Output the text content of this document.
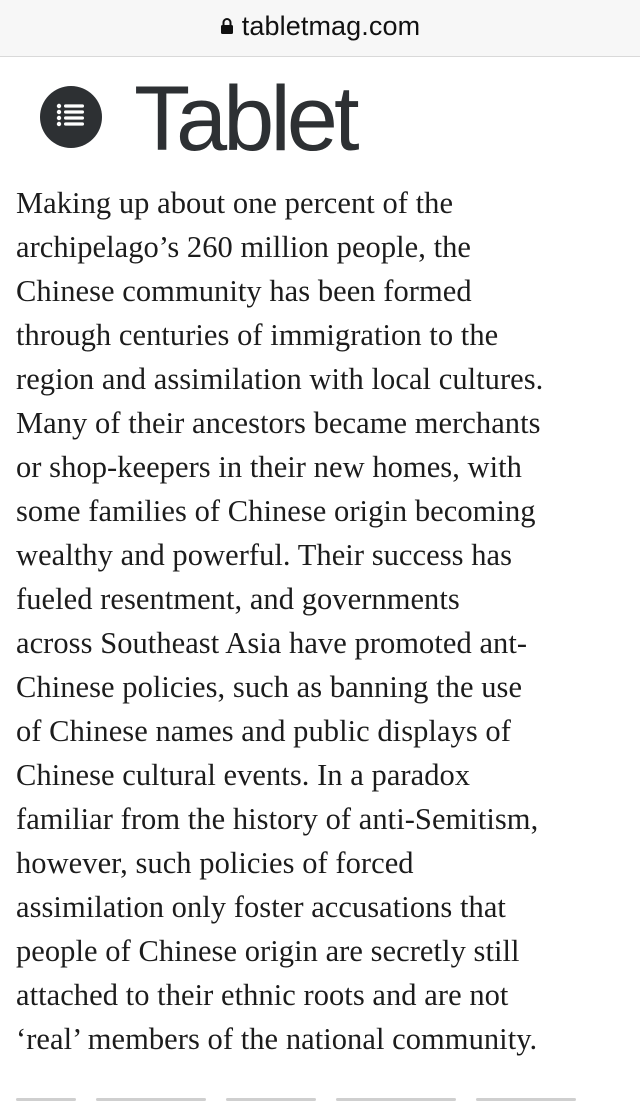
tabletmag.com
Tablet

Making up about one percent of the
archipelago’s 260 million people, the
Chinese community has been formed
through centuries of immigration to the
region and assimilation with local cultures.
Many of their ancestors became merchants
or shop-keepers in their new homes, with
some families of Chinese origin becoming
wealthy and powerful. Their success has
fueled resentment, and governments
across Southeast Asia have promoted ant-
Chinese policies, such as banning the use
of Chinese names and public displays of
Chinese cultural events. In a paradox
familiar from the history of anti-Semitism,
however, such policies of forced
assimilation only foster accusations that
people of Chinese origin are secretly still
attached to their ethnic roots and are not
‘real’ members of the national community.
